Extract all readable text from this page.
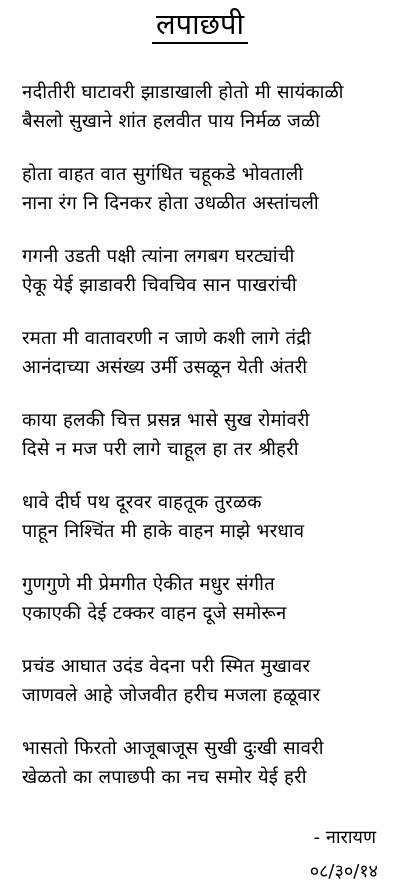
लपाछपी
नदीतीरी घाटावरी झाडाखाली होतो मी सायंकाळी
बैसलो सुखाने शांत हलवीत पाय निर्मळ जळी
होता वाहत वात सुगंधित चहूकडे भोवताली
नाना रंग नि दिनकर होता उधळीत अस्तांचली
गगनी उडती पक्षी त्यांना लगबग घरट्यांची
ऐकू येई झाडावरी चिवचिव सान पाखरांची
रमता मी वातावरणी न जाणे कशी लागे तंद्री
आनंदाच्या असंख्य उर्मी उसळून येती अंतरी
काया हलकी चित्त प्रसन्न भासे सुख रोमांवरी
दिसे न मज परी लागे चाहूल हा तर श्रीहरी
धावे दीर्घ पथ दूरवर वाहतूक तुरळक
पाहून निश्चिंत मी हाके वाहन माझे भरधाव
गुणगुणे मी प्रेमगीत ऐकीत मधुर संगीत
एकाएकी देई टक्कर वाहन दूजे समोरून
प्रचंड आघात उदंड वेदना परी स्मित मुखावर
जाणवले आहे जोजवीत हरीच मजला हळूवार
भासतो फिरतो आजूबाजूस सुखी दुःखी सावरी
खेळतो का लपाछपी का नच समोर येई हरी
- नारायण
०८/३०/१४
